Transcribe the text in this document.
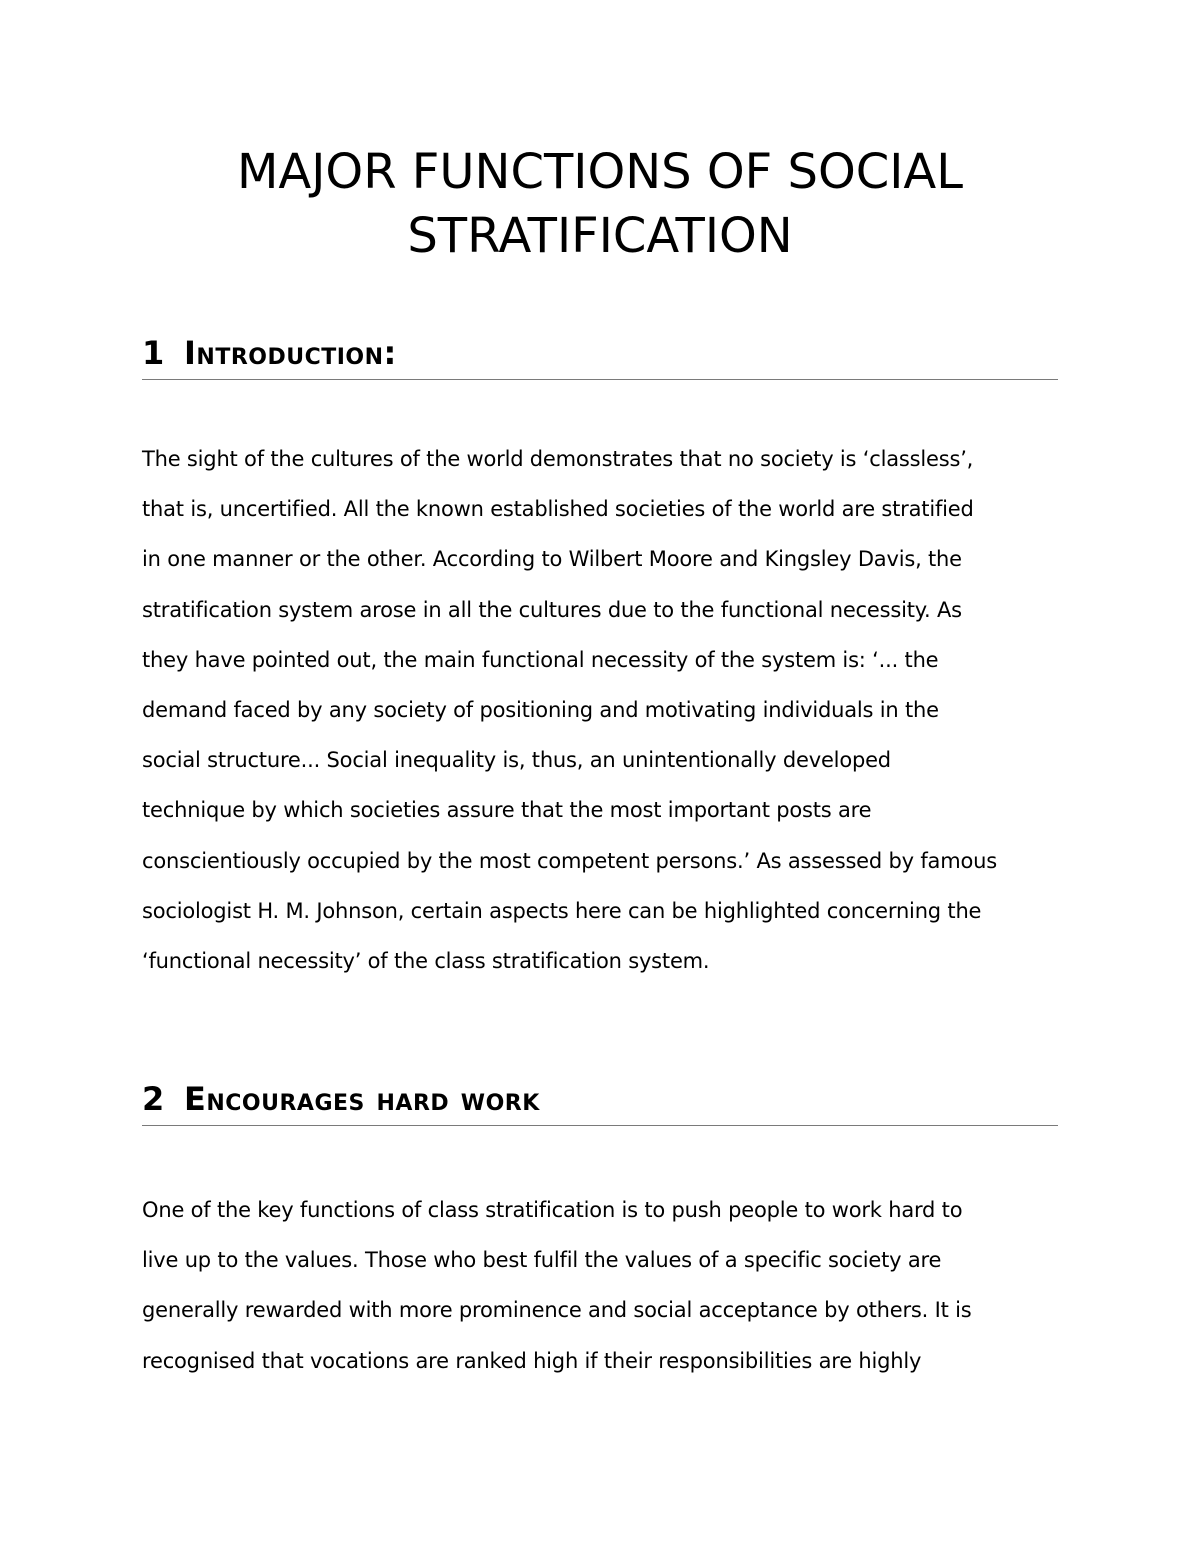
MAJOR FUNCTIONS OF SOCIAL
STRATIFICATION
1 Introduction:
The sight of the cultures of the world demonstrates that no society is ‘classless’,
that is, uncertified. All the known established societies of the world are stratified
in one manner or the other. According to Wilbert Moore and Kingsley Davis, the
stratification system arose in all the cultures due to the functional necessity. As
they have pointed out, the main functional necessity of the system is: ‘... the
demand faced by any society of positioning and motivating individuals in the
social structure... Social inequality is, thus, an unintentionally developed
technique by which societies assure that the most important posts are
conscientiously occupied by the most competent persons.’ As assessed by famous
sociologist H. M. Johnson, certain aspects here can be highlighted concerning the
‘functional necessity’ of the class stratification system.
2 Encourages hard work
One of the key functions of class stratification is to push people to work hard to
live up to the values. Those who best fulfil the values of a specific society are
generally rewarded with more prominence and social acceptance by others. It is
recognised that vocations are ranked high if their responsibilities are highly
